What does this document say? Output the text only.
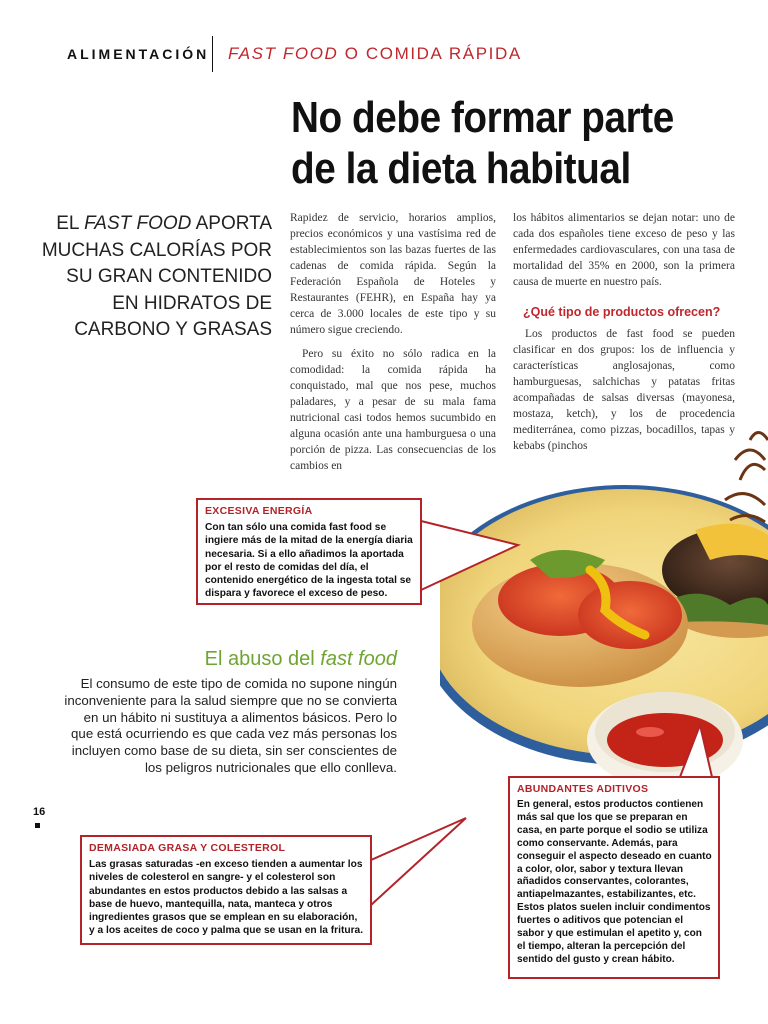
ALIMENTACIÓN FAST FOOD O COMIDA RÁPIDA
No debe formar parte
de la dieta habitual
EL FAST FOOD APORTA MUCHAS CALORÍAS POR SU GRAN CONTENIDO EN HIDRATOS DE CARBONO Y GRASAS

Rapidez de servicio, horarios amplios, precios económicos y una vastísima red de establecimientos son las bazas fuertes de las cadenas de comida rápida. Según la Federación Española de Hoteles y Restaurantes (FEHR), en España hay ya cerca de 3.000 locales de este tipo y su número sigue creciendo.

Pero su éxito no sólo radica en la comodidad: la comida rápida ha conquistado, mal que nos pese, muchos paladares, y a pesar de su mala fama nutricional casi todos hemos sucumbido en alguna ocasión ante una hamburguesa o una porción de pizza. Las consecuencias de los cambios en

los hábitos alimentarios se dejan notar: uno de cada dos españoles tiene exceso de peso y las enfermedades cardiovasculares, con una tasa de mortalidad del 35% en 2000, son la primera causa de muerte en nuestro país.

¿Qué tipo de productos ofrecen?

Los productos de fast food se pueden clasificar en dos grupos: los de influencia y características anglosajonas, como hamburguesas, salchichas y patatas fritas acompañadas de salsas diversas (mayonesa, mostaza, ketch), y los de procedencia mediterránea, como pizzas, bocadillos, tapas y kebabs (pinchos

EXCESIVA ENERGÍA
Con tan sólo una comida fast food se ingiere más de la mitad de la energía diaria necesaria. Si a ello añadimos la aportada por el resto de comidas del día, el contenido energético de la ingesta total se dispara y favorece el exceso de peso.
DEMASIADA GRASA Y COLESTEROL
Las grasas saturadas -en exceso tienden a aumentar los niveles de colesterol en sangre- y el colesterol son abundantes en estos productos debido a las salsas a base de huevo, mantequilla, nata, manteca y otros ingredientes grasos que se emplean en su elaboración, y a los aceites de coco y palma que se usan en la fritura.
ABUNDANTES ADITIVOS
En general, estos productos contienen más sal que los que se preparan en casa, en parte porque el sodio se utiliza como conservante. Además, para conseguir el aspecto deseado en cuanto a color, olor, sabor y textura llevan añadidos conservantes, colorantes, antiapelmazantes, estabilizantes, etc. Estos platos suelen incluir condimentos fuertes o aditivos que potencian el sabor y que estimulan el apetito y, con el tiempo, alteran la percepción del sentido del gusto y crean hábito.
El abuso del fast food
El consumo de este tipo de comida no supone ningún inconveniente para la salud siempre que no se convierta en un hábito ni sustituya a alimentos básicos. Pero lo que está ocurriendo es que cada vez más personas los incluyen como base de su dieta, sin ser conscientes de los peligros nutricionales que ello conlleva.
16
